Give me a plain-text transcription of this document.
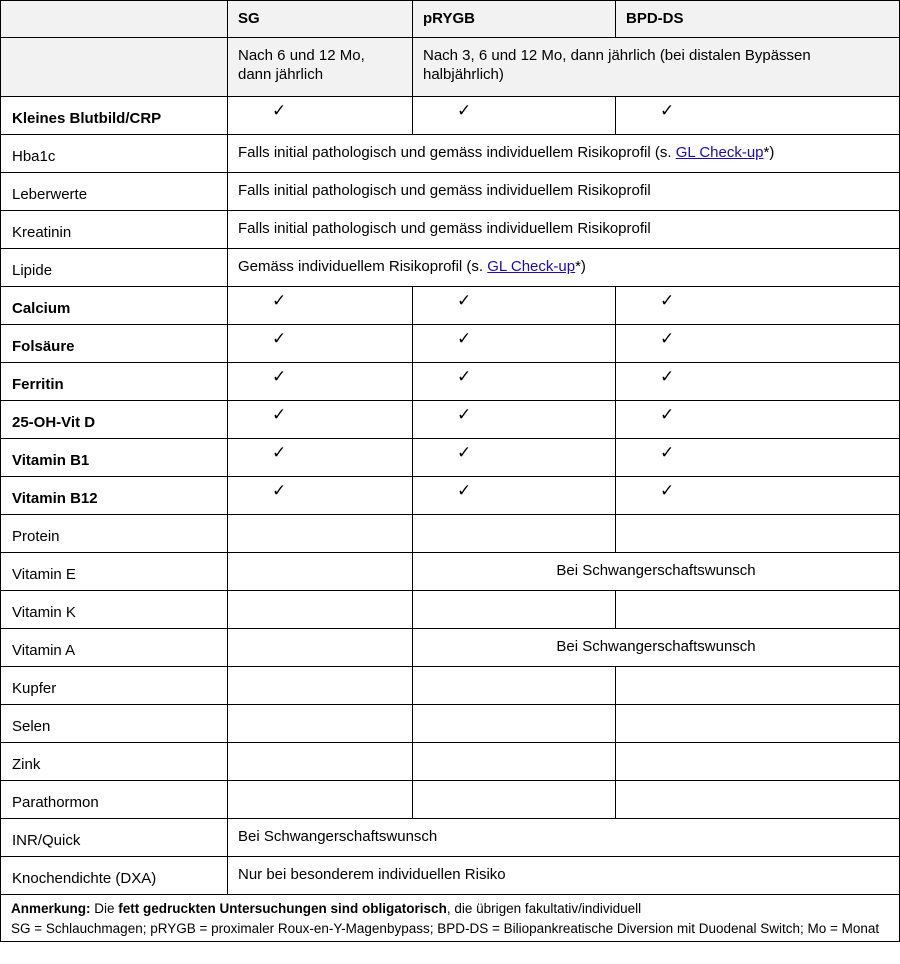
	SG	pRYGB	BPD-DS
	Nach 6 und 12 Mo, dann jährlich	Nach 3, 6 und 12 Mo, dann jährlich (bei distalen Bypässen halbjährlich)	
Kleines Blutbild/CRP	✓	✓	✓
Hba1c	Falls initial pathologisch und gemäss individuellem Risikoprofil (s. GL Check-up*)		
Leberwerte	Falls initial pathologisch und gemäss individuellem Risikoprofil		
Kreatinin	Falls initial pathologisch und gemäss individuellem Risikoprofil		
Lipide	Gemäss individuellem Risikoprofil (s. GL Check-up*)		
Calcium	✓	✓	✓
Folsäure	✓	✓	✓
Ferritin	✓	✓	✓
25-OH-Vit D	✓	✓	✓
Vitamin B1	✓	✓	✓
Vitamin B12	✓	✓	✓
Protein			
Vitamin E		Bei Schwangerschaftswunsch	
Vitamin K			
Vitamin A		Bei Schwangerschaftswunsch	
Kupfer			
Selen			
Zink			
Parathormon			
INR/Quick	Bei Schwangerschaftswunsch		
Knochendichte (DXA)	Nur bei besonderem individuellen Risiko		

Anmerkung: Die fett gedruckten Untersuchungen sind obligatorisch, die übrigen fakultativ/individuell
SG = Schlauchmagen; pRYGB = proximaler Roux-en-Y-Magenbypass; BPD-DS = Biliopankreatische Diversion mit Duodenal Switch; Mo = Monat			
